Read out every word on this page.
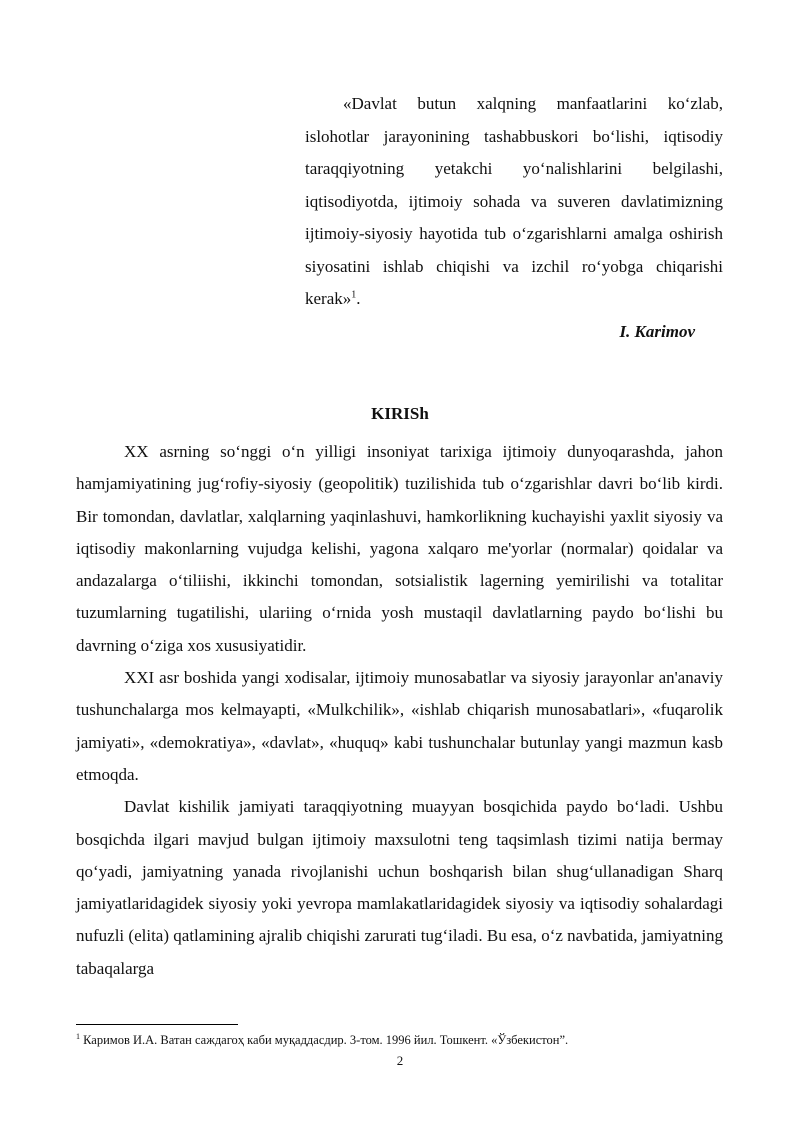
«Davlat butun xalqning manfaatlarini ko‘zlab, islohotlar jarayonining tashabbuskori bo‘lishi, iqtisodiy taraqqiyotning yetakchi yo‘nalishlarini belgilashi, iqtisodiyotda, ijtimoiy sohada va suveren davlatimizning ijtimoiy-siyosiy hayotida tub o‘zgarishlarni amalga oshirish siyosatini ishlab chiqishi va izchil ro‘yobga chiqarishi kerak»$^1$.

I. Karimov
KIRISh

XX asrning so‘nggi o‘n yilligi insoniyat tarixiga ijtimoiy dunyoqarashda, jahon hamjamiyatining jug‘rofiy-siyosiy (geopolitik) tuzilishida tub o‘zgarishlar davri bo‘lib kirdi. Bir tomondan, davlatlar, xalqlarning yaqinlashuvi, hamkorlikning kuchayishi yaxlit siyosiy va iqtisodiy makonlarning vujudga kelishi, yagona xalqaro me'yorlar (normalar) qoidalar va andazalarga o‘tiliishi, ikkinchi tomondan, sotsialistik lagerning yemirilishi va totalitar tuzumlarning tugatilishi, ulariing o‘rnida yosh mustaqil davlatlarning paydo bo‘lishi bu davrning o‘ziga xos xususiyatidir.

XXI asr boshida yangi xodisalar, ijtimoiy munosabatlar va siyosiy jarayonlar an'anaviy tushunchalarga mos kelmayapti, «Mulkchilik», «ishlab chiqarish munosabatlari», «fuqarolik jamiyati», «demokratiya», «davlat», «huquq» kabi tushunchalar butunlay yangi mazmun kasb etmoqda.

Davlat kishilik jamiyati taraqqiyotning muayyan bosqichida paydo bo‘ladi. Ushbu bosqichda ilgari mavjud bulgan ijtimoiy maxsulotni teng taqsimlash tizimi natija bermay qo‘yadi, jamiyatning yanada rivojlanishi uchun boshqarish bilan shug‘ullanadigan Sharq jamiyatlaridagidek siyosiy yoki yevropa mamlakatlaridagidek siyosiy va iqtisodiy sohalardagi nufuzli (elita) qatlamining ajralib chiqishi zarurati tug‘iladi. Bu esa, o‘z navbatida, jamiyatning tabaqalarga

$^1$ Каримов И.А. Ватан саждагоҳ каби муқаддасдир. 3-том. 1996 йил. Тошкент. «Ўзбекистон”.
2
